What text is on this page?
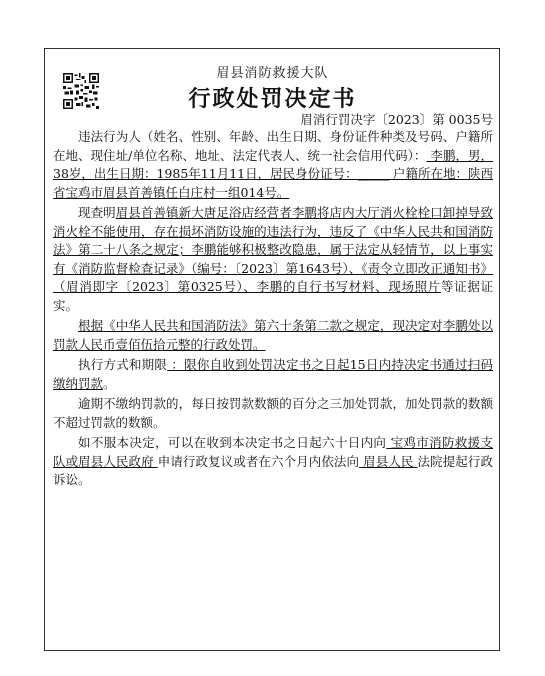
眉县消防救援大队
行政处罚决定书
眉消行罚决字〔2023〕第 0035号

违法行为人（姓名、性别、年龄、出生日期、身份证件种类及号码、户籍所在地、现住址/单位名称、地址、法定代表人、统一社会信用代码）： 李鹏，男，38岁，出生日期：1985年11月11日，居民身份证号：_____ 户籍所在地：陕西省宝鸡市眉县首善镇任白庄村一组014号。

现查明眉县首善镇新大唐足浴店经营者李鹏将店内大厅消火栓栓口卸掉导致消火栓不能使用，存在损坏消防设施的违法行为，违反了《中华人民共和国消防法》第二十八条之规定；李鹏能够积极整改隐患，属于法定从轻情节，以上事实有《消防监督检查记录》（编号：〔2023〕第1643号）、《责令立即改正通知书》（眉消即字〔2023〕第0325号）、李鹏的自行书写材料、现场照片等证据证实。

根据《中华人民共和国消防法》第六十条第二款之规定，现决定对李鹏处以罚款人民币壹佰伍拾元整的行政处罚。

执行方式和期限 ：限你自收到处罚决定书之日起15日内持决定书通过扫码缴纳罚款。

逾期不缴纳罚款的，每日按罚款数额的百分之三加处罚款，加处罚款的数额不超过罚款的数额。

如不服本决定，可以在收到本决定书之日起六十日内向 宝鸡市消防救援支队或眉县人民政府 申请行政复议或者在六个月内依法向 眉县人民 法院提起行政诉讼。
